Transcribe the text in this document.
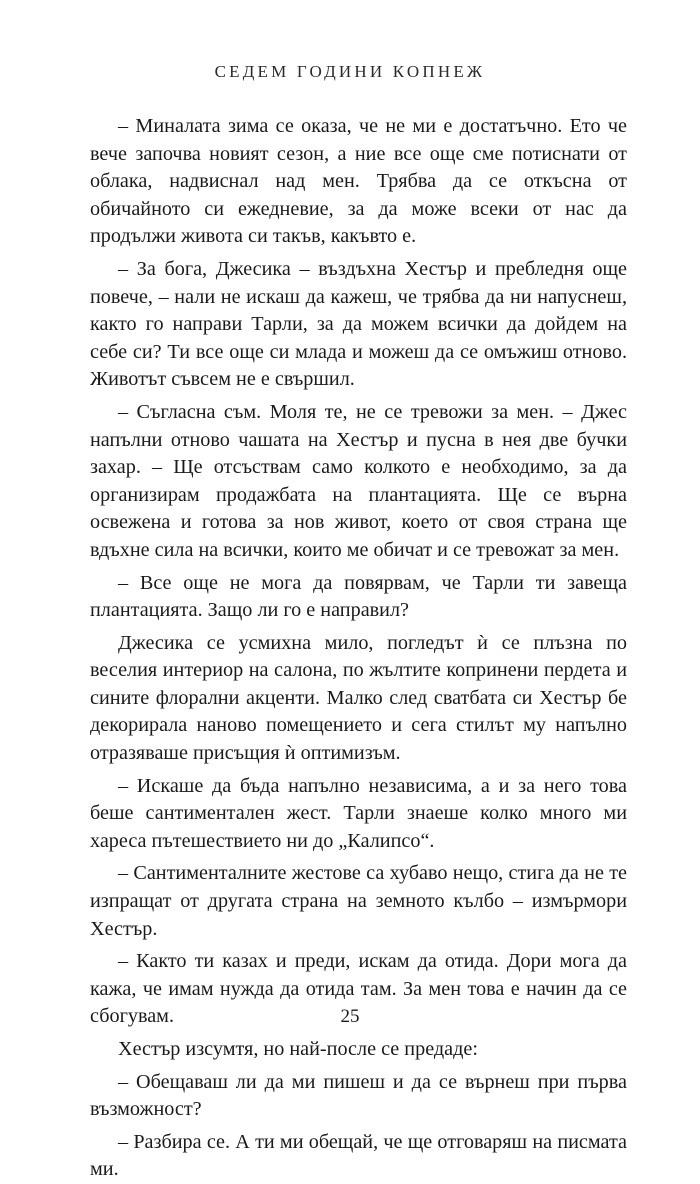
СЕДЕМ ГОДИНИ КОПНЕЖ

– Миналата зима се оказа, че не ми е достатъчно. Ето че вече започва новият сезон, а ние все още сме потиснати от облака, надвиснал над мен. Трябва да се откъсна от обичайното си ежедневие, за да може всеки от нас да продължи живота си такъв, какъвто е.

– За бога, Джесика – въздъхна Хестър и пребледня още повече, – нали не искаш да кажеш, че трябва да ни напуснеш, както го направи Тарли, за да можем всички да дойдем на себе си? Ти все още си млада и можеш да се омъжиш отново. Животът съвсем не е свършил.

– Съгласна съм. Моля те, не се тревожи за мен. – Джес напълни отново чашата на Хестър и пусна в нея две бучки захар. – Ще отсъствам само колкото е необходимо, за да организирам продажбата на плантацията. Ще се върна освежена и готова за нов живот, което от своя страна ще вдъхне сила на всички, които ме обичат и се тревожат за мен.

– Все още не мога да повярвам, че Тарли ти завеща плантацията. Защо ли го е направил?

Джесика се усмихна мило, погледът ѝ се плъзна по веселия интериор на салона, по жълтите копринени пердета и сините флорални акценти. Малко след сватбата си Хестър бе декорирала наново помещението и сега стилът му напълно отразяваше присъщия ѝ оптимизъм.

– Искаше да бъда напълно независима, а и за него това беше сантиментален жест. Тарли знаеше колко много ми хареса пътешествието ни до „Калипсо“.

– Сантименталните жестове са хубаво нещо, стига да не те изпращат от другата страна на земното кълбо – измърмори Хестър.

– Както ти казах и преди, искам да отида. Дори мога да кажа, че имам нужда да отида там. За мен това е начин да се сбогувам.

Хестър изсумтя, но най-после се предаде:

– Обещаваш ли да ми пишеш и да се върнеш при първа възможност?

– Разбира се. А ти ми обещай, че ще отговаряш на писмата ми.

25
